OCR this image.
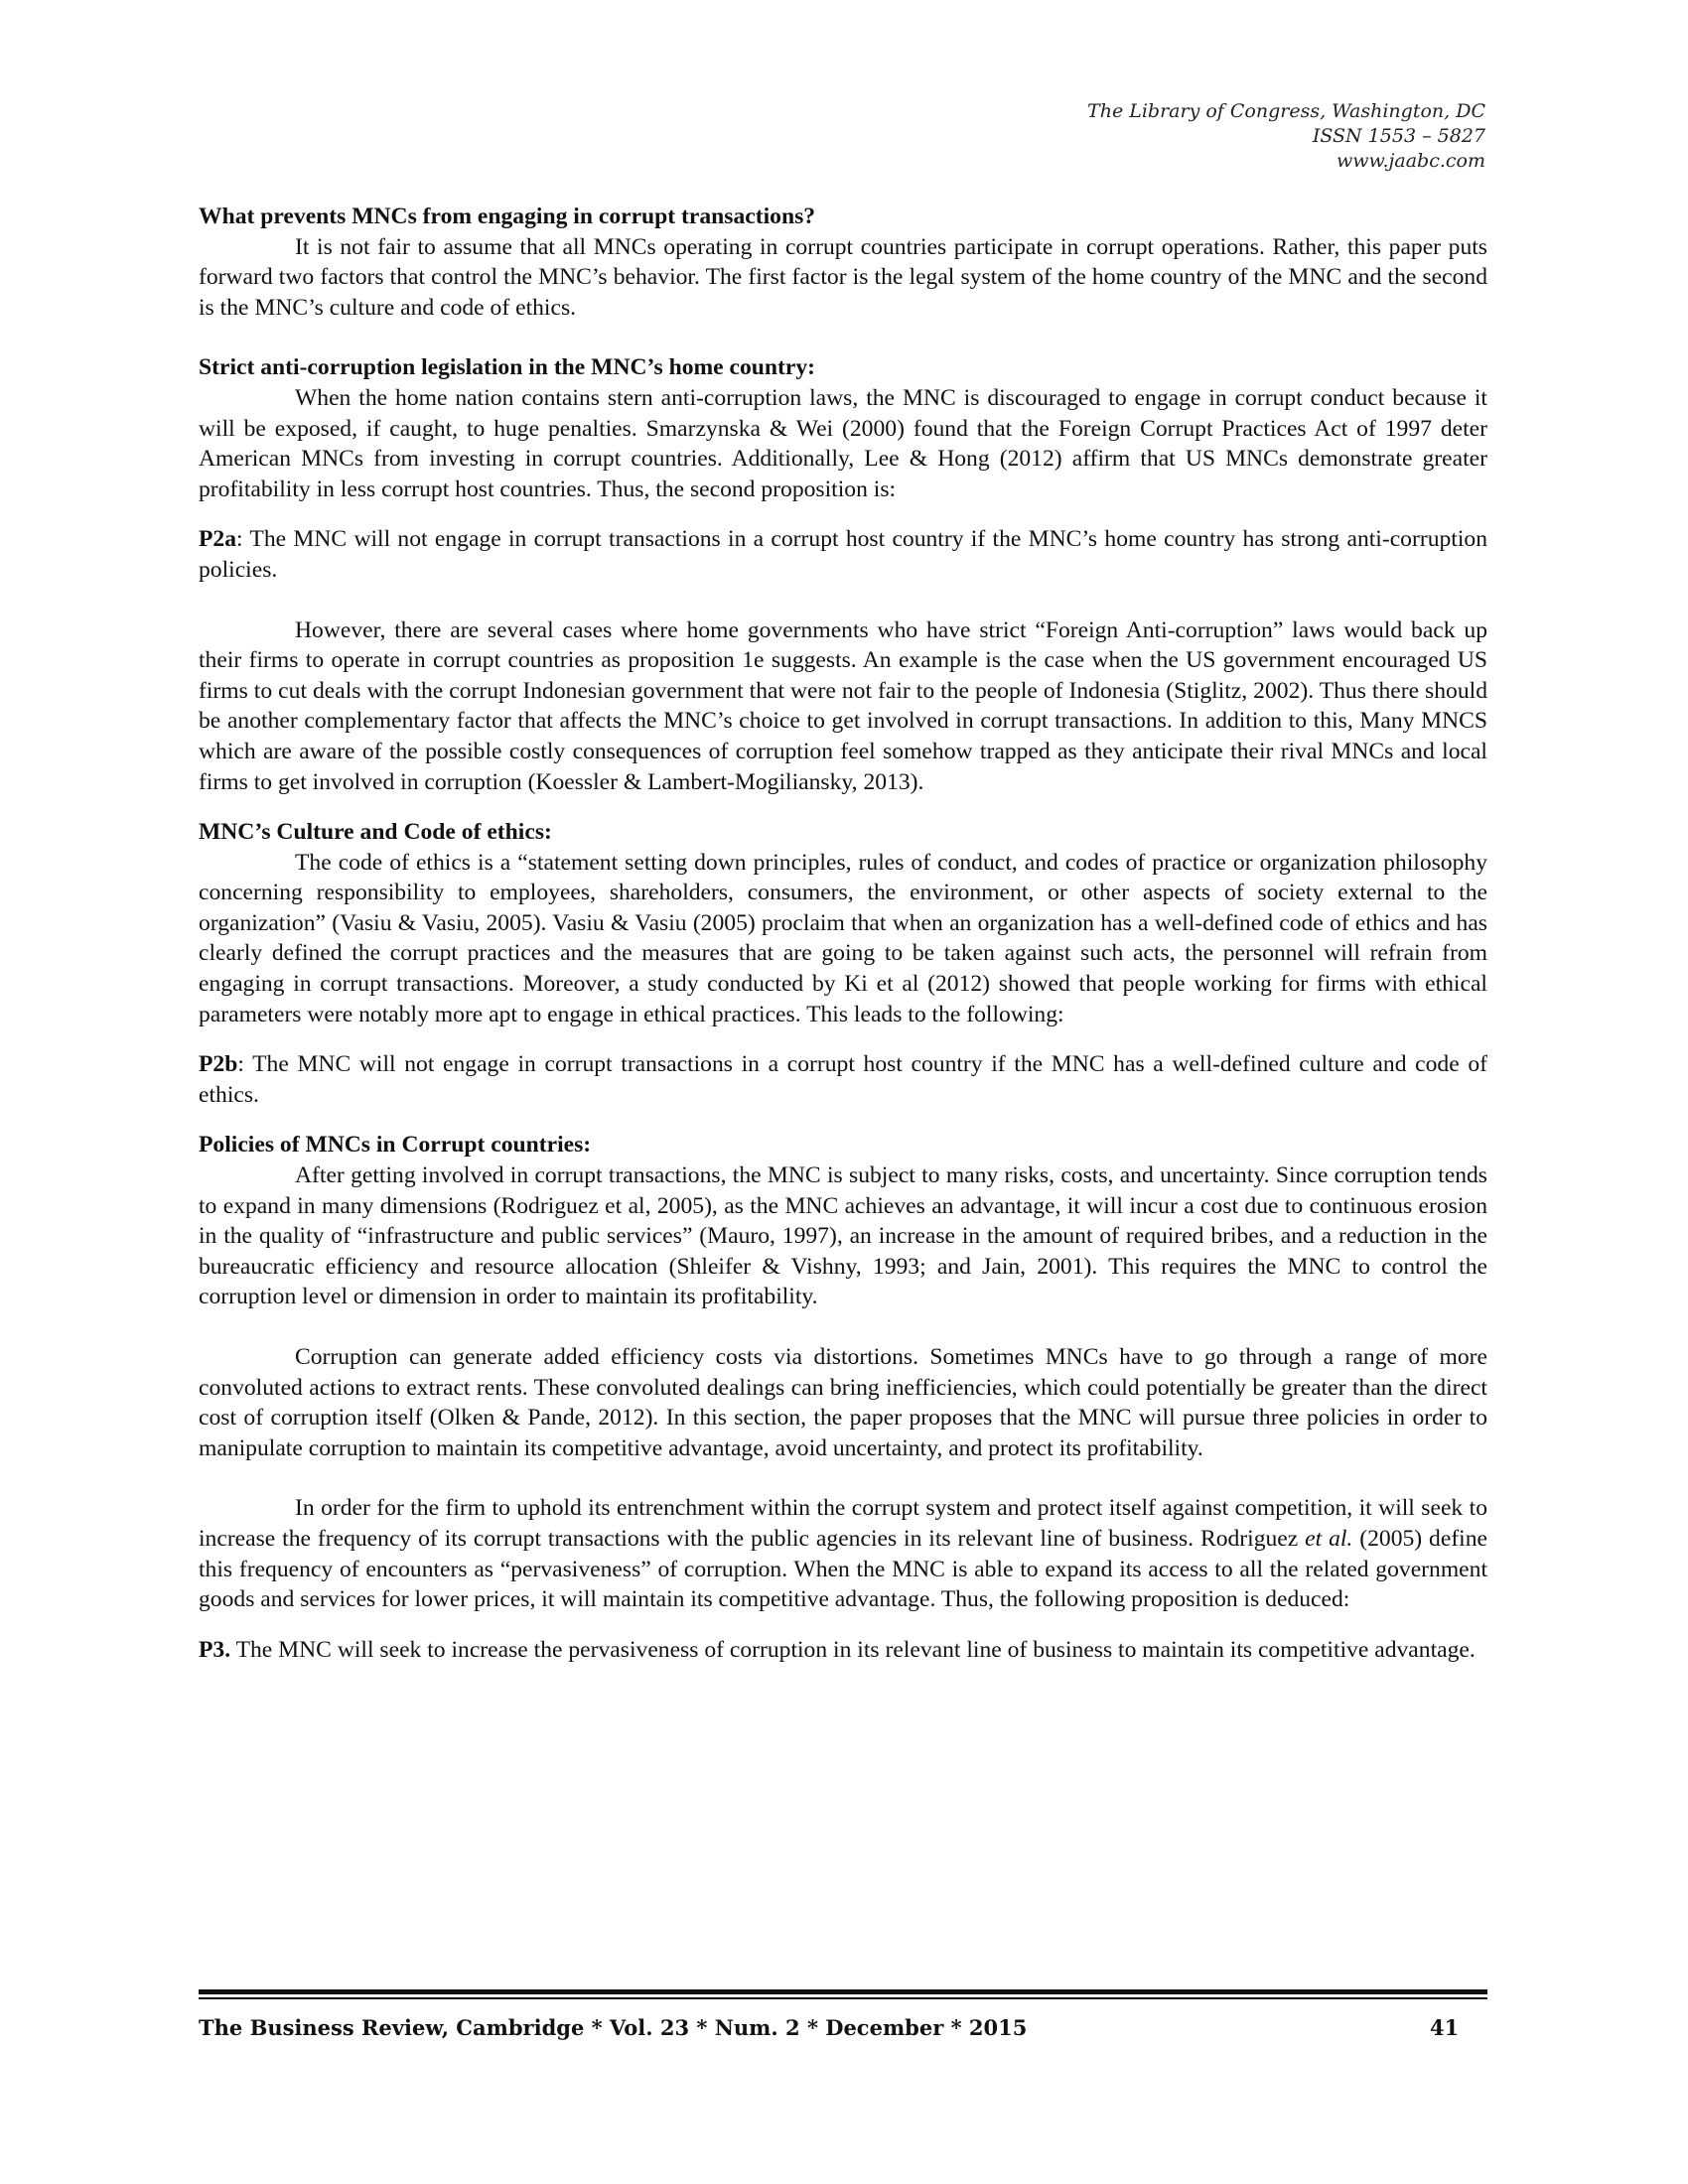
The Library of Congress, Washington, DC
ISSN 1553 – 5827
www.jaabc.com

What prevents MNCs from engaging in corrupt transactions?

It is not fair to assume that all MNCs operating in corrupt countries participate in corrupt operations. Rather, this paper puts forward two factors that control the MNC’s behavior. The first factor is the legal system of the home country of the MNC and the second is the MNC’s culture and code of ethics.

Strict anti-corruption legislation in the MNC’s home country:

When the home nation contains stern anti-corruption laws, the MNC is discouraged to engage in corrupt conduct because it will be exposed, if caught, to huge penalties. Smarzynska & Wei (2000) found that the Foreign Corrupt Practices Act of 1997 deter American MNCs from investing in corrupt countries. Additionally, Lee & Hong (2012) affirm that US MNCs demonstrate greater profitability in less corrupt host countries. Thus, the second proposition is:

P2a: The MNC will not engage in corrupt transactions in a corrupt host country if the MNC’s home country has strong anti-corruption policies.

However, there are several cases where home governments who have strict “Foreign Anti-corruption” laws would back up their firms to operate in corrupt countries as proposition 1e suggests. An example is the case when the US government encouraged US firms to cut deals with the corrupt Indonesian government that were not fair to the people of Indonesia (Stiglitz, 2002). Thus there should be another complementary factor that affects the MNC’s choice to get involved in corrupt transactions. In addition to this, Many MNCS which are aware of the possible costly consequences of corruption feel somehow trapped as they anticipate their rival MNCs and local firms to get involved in corruption (Koessler & Lambert-Mogiliansky, 2013).

MNC’s Culture and Code of ethics:

The code of ethics is a “statement setting down principles, rules of conduct, and codes of practice or organization philosophy concerning responsibility to employees, shareholders, consumers, the environment, or other aspects of society external to the organization” (Vasiu & Vasiu, 2005). Vasiu & Vasiu (2005) proclaim that when an organization has a well-defined code of ethics and has clearly defined the corrupt practices and the measures that are going to be taken against such acts, the personnel will refrain from engaging in corrupt transactions. Moreover, a study conducted by Ki et al (2012) showed that people working for firms with ethical parameters were notably more apt to engage in ethical practices. This leads to the following:

P2b: The MNC will not engage in corrupt transactions in a corrupt host country if the MNC has a well-defined culture and code of ethics.

Policies of MNCs in Corrupt countries:

After getting involved in corrupt transactions, the MNC is subject to many risks, costs, and uncertainty. Since corruption tends to expand in many dimensions (Rodriguez et al, 2005), as the MNC achieves an advantage, it will incur a cost due to continuous erosion in the quality of “infrastructure and public services” (Mauro, 1997), an increase in the amount of required bribes, and a reduction in the bureaucratic efficiency and resource allocation (Shleifer & Vishny, 1993; and Jain, 2001). This requires the MNC to control the corruption level or dimension in order to maintain its profitability.

Corruption can generate added efficiency costs via distortions. Sometimes MNCs have to go through a range of more convoluted actions to extract rents. These convoluted dealings can bring inefficiencies, which could potentially be greater than the direct cost of corruption itself (Olken & Pande, 2012). In this section, the paper proposes that the MNC will pursue three policies in order to manipulate corruption to maintain its competitive advantage, avoid uncertainty, and protect its profitability.

In order for the firm to uphold its entrenchment within the corrupt system and protect itself against competition, it will seek to increase the frequency of its corrupt transactions with the public agencies in its relevant line of business. Rodriguez et al. (2005) define this frequency of encounters as “pervasiveness” of corruption. When the MNC is able to expand its access to all the related government goods and services for lower prices, it will maintain its competitive advantage. Thus, the following proposition is deduced:

P3. The MNC will seek to increase the pervasiveness of corruption in its relevant line of business to maintain its competitive advantage.

The Business Review, Cambridge * Vol. 23 * Num. 2 * December * 2015	41
